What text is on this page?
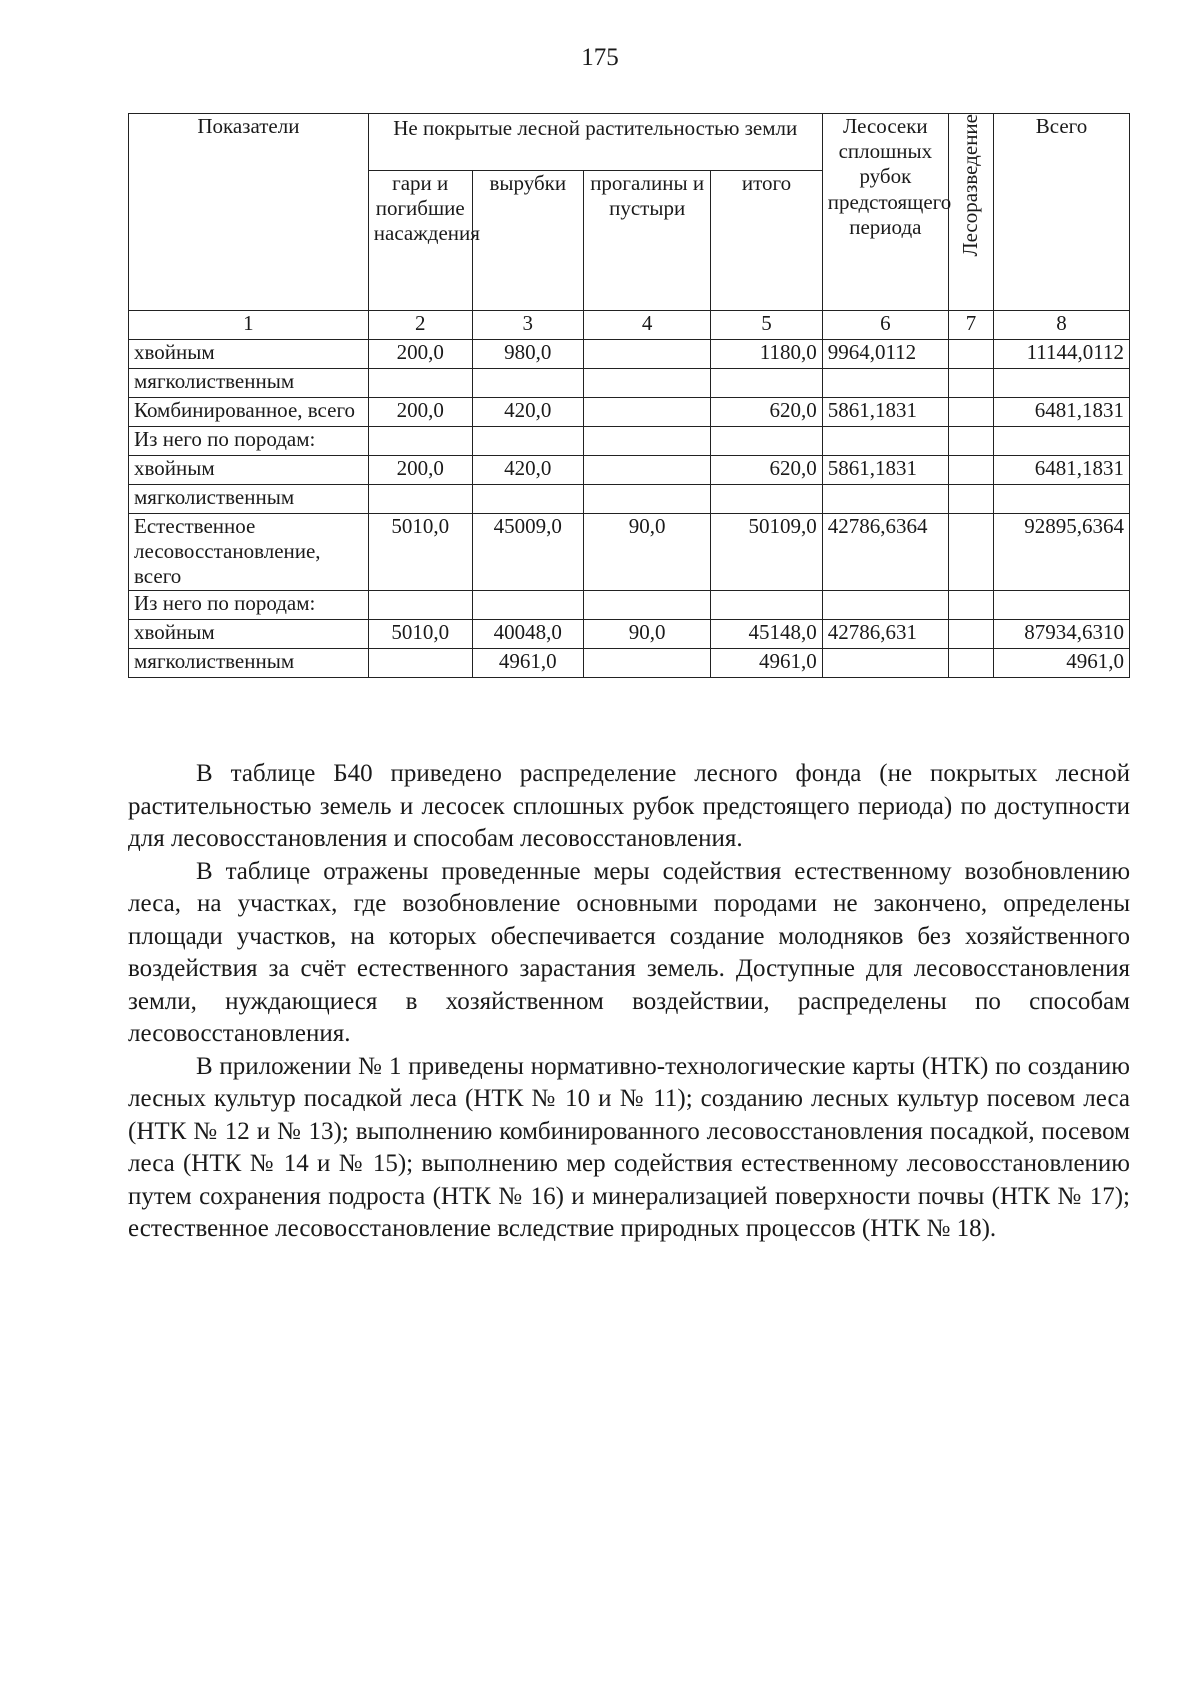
175
Показатели	Не покрытые лесной растительностью земли				Лесосеки сплошных рубок предстоящего периода	Лесоразведение	Всего
	гари и погибшие насаждения	вырубки	прогалины и пустыри	итого			
1	2	3	4	5	6	7	8
хвойным	200,0	980,0		1180,0	9964,0112		11144,0112
мягколиственным							
Комбинированное, всего	200,0	420,0		620,0	5861,1831		6481,1831
Из него по породам:							
хвойным	200,0	420,0		620,0	5861,1831		6481,1831
мягколиственным							
Естественное лесовосстановление, всего	5010,0	45009,0	90,0	50109,0	42786,6364		92895,6364
Из него по породам:							
хвойным	5010,0	40048,0	90,0	45148,0	42786,631		87934,6310
мягколиственным		4961,0		4961,0			4961,0

В таблице Б40 приведено распределение лесного фонда (не покрытых лесной растительностью земель и лесосек сплошных рубок предстоящего периода) по доступности для лесовосстановления и способам лесовосстановления.

В таблице отражены проведенные меры содействия естественному возобновлению леса, на участках, где возобновление основными породами не закончено, определены площади участков, на которых обеспечивается создание молодняков без хозяйственного воздействия за счёт естественного зарастания земель. Доступные для лесовосстановления земли, нуждающиеся в хозяйственном воздействии, распределены по способам лесовосстановления.

В приложении № 1 приведены нормативно-технологические карты (НТК) по созданию лесных культур посадкой леса (НТК № 10 и № 11); созданию лесных культур посевом леса (НТК № 12 и № 13); выполнению комбинированного лесовосстановления посадкой, посевом леса (НТК № 14 и № 15); выполнению мер содействия естественному лесовосстановлению путем сохранения подроста (НТК № 16) и минерализацией поверхности почвы (НТК № 17); естественное лесовосстановление вследствие природных процессов (НТК № 18).
